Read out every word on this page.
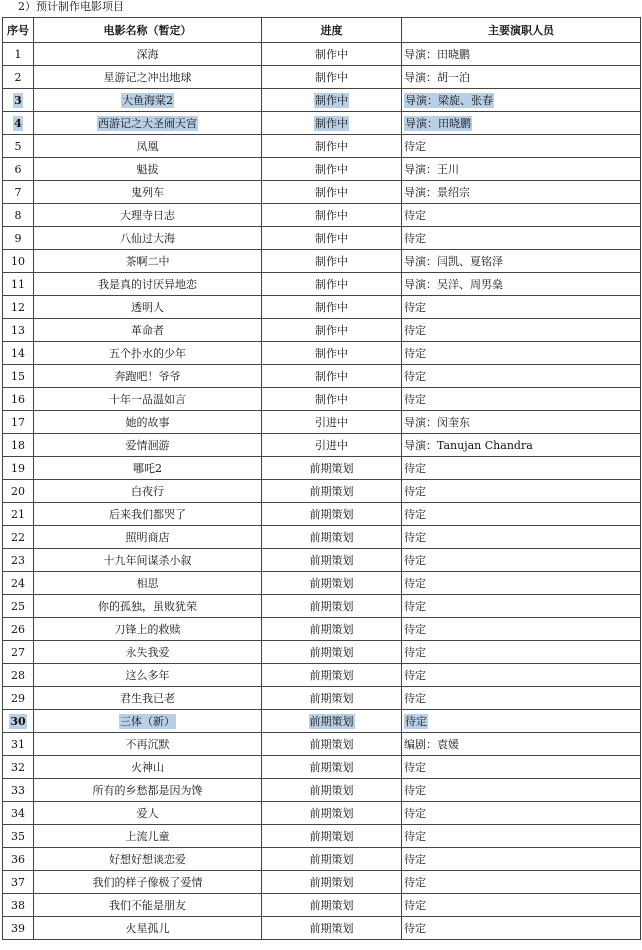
2）预计制作电影项目
序号	电影名称（暂定）	进度	主要演职人员
1	深海	制作中	导演：田晓鹏
2	星游记之冲出地球	制作中	导演：胡一泊
3	大鱼海棠2	制作中	导演：梁旋、张春
4	西游记之大圣闹天宫	制作中	导演：田晓鹏
5	凤凰	制作中	待定
6	魁拔	制作中	导演：王川
7	鬼列车	制作中	导演：景绍宗
8	大理寺日志	制作中	待定
9	八仙过大海	制作中	待定
10	茶啊二中	制作中	导演：闫凯、夏铭泽
11	我是真的讨厌异地恋	制作中	导演：吴洋、周男燊
12	透明人	制作中	待定
13	革命者	制作中	待定
14	五个扑水的少年	制作中	待定
15	奔跑吧！爷爷	制作中	待定
16	十年一品温如言	制作中	待定
17	她的故事	引进中	导演：闵奎东
18	爱情洄游	引进中	导演：Tanujan Chandra
19	哪吒2	前期策划	待定
20	白夜行	前期策划	待定
21	后来我们都哭了	前期策划	待定
22	照明商店	前期策划	待定
23	十九年间谋杀小叙	前期策划	待定
24	相思	前期策划	待定
25	你的孤独，虽败犹荣	前期策划	待定
26	刀锋上的救赎	前期策划	待定
27	永失我爱	前期策划	待定
28	这么多年	前期策划	待定
29	君生我已老	前期策划	待定
30	三体（新）	前期策划	待定
31	不再沉默	前期策划	编剧：袁媛
32	火神山	前期策划	待定
33	所有的乡愁都是因为馋	前期策划	待定
34	爱人	前期策划	待定
35	上流儿童	前期策划	待定
36	好想好想谈恋爱	前期策划	待定
37	我们的样子像极了爱情	前期策划	待定
38	我们不能是朋友	前期策划	待定
39	火星孤儿	前期策划	待定
